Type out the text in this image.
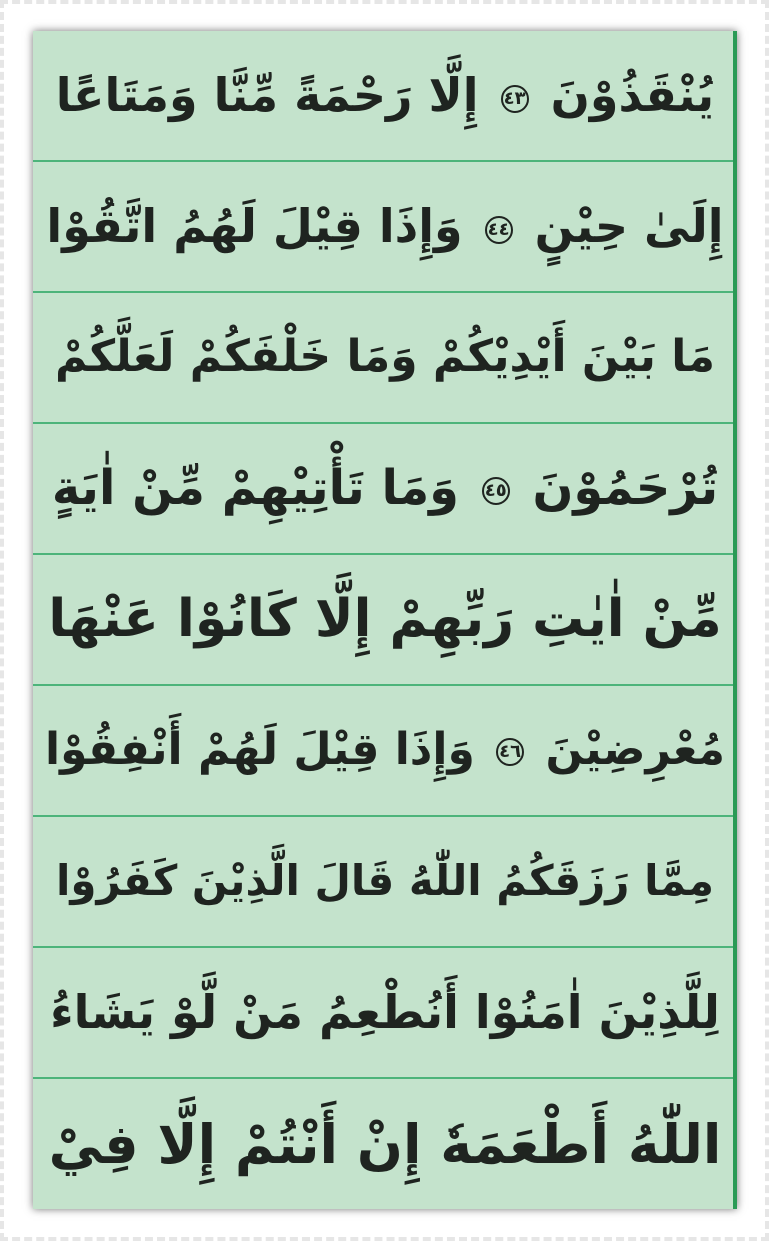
يُنْقَذُوْنَ ٤٣ إِلَّا رَحْمَةً مِّنَّا وَمَتَاعًا
إِلَىٰ حِيْنٍ ٤٤ وَإِذَا قِيْلَ لَهُمُ اتَّقُوْا
مَا بَيْنَ أَيْدِيْكُمْ وَمَا خَلْفَكُمْ لَعَلَّكُمْ
تُرْحَمُوْنَ ٤٥ وَمَا تَأْتِيْهِمْ مِّنْ اٰيَةٍ
مِّنْ اٰيٰتِ رَبِّهِمْ إِلَّا كَانُوْا عَنْهَا
مُعْرِضِيْنَ ٤٦ وَإِذَا قِيْلَ لَهُمْ أَنْفِقُوْا
مِمَّا رَزَقَكُمُ اللّٰهُ قَالَ الَّذِيْنَ كَفَرُوْا
لِلَّذِيْنَ اٰمَنُوْا أَنُطْعِمُ مَنْ لَّوْ يَشَاءُ
اللّٰهُ أَطْعَمَهٗ إِنْ أَنْتُمْ إِلَّا فِيْ
